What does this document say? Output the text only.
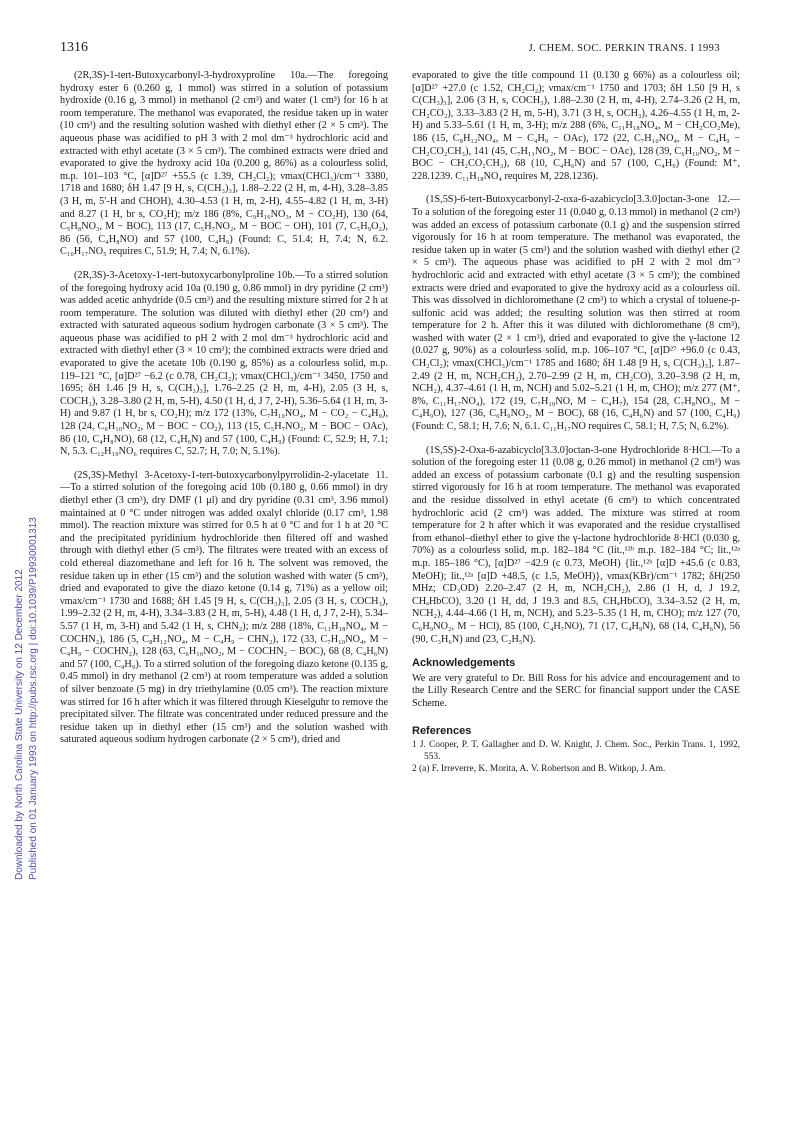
1316	J. CHEM. SOC. PERKIN TRANS. I 1993
Downloaded by North Carolina State University on 12 December 2012 Published on 01 January 1993 on http://pubs.rsc.org | doi:10.1039/P19930001313

(2R,3S)-1-tert-Butoxycarbonyl-3-hydroxyproline 10a.—The foregoing hydroxy ester 6 (0.260 g, 1 mmol) was stirred in a solution of potassium hydroxide (0.16 g, 3 mmol) in methanol (2 cm³) and water (1 cm³) for 16 h at room temperature. The methanol was evaporated, the residue taken up in water (10 cm³) and the resulting solution washed with diethyl ether (2 × 5 cm³). The aqueous phase was acidified to pH 3 with 2 mol dm⁻³ hydrochloric acid and extracted with ethyl acetate (3 × 5 cm³). The combined extracts were dried and evaporated to give the hydroxy acid 10a (0.200 g, 86%) as a colourless solid, m.p. 101–103 °C, [α]D²⁷ +55.5 (c 1.39, CH₂Cl₂); νmax(CHCl₃)/cm⁻¹ 3380, 1718 and 1680; δH 1.47 [9 H, s, C(CH₃)₃], 1.88–2.22 (2 H, m, 4-H), 3.28–3.85 (3 H, m, 5′-H and CHOH), 4.30–4.53 (1 H, m, 2-H), 4.55–4.82 (1 H, m, 3-H) and 8.27 (1 H, br s, CO₂H); m/z 186 (8%, C₉H₁₆NO₃, M − CO₂H), 130 (64, C₅H₈NO₃, M − BOC), 113 (17, C₅H₇NO₂, M − BOC − OH), 101 (7, C₅H₉O₂), 86 (56, C₄H₈NO) and 57 (100, C₄H₉) (Found: C, 51.4; H, 7.4; N, 6.2. C₁₀H₁₇NO₅ requires C, 51.9; H, 7.4; N, 6.1%).

(2R,3S)-3-Acetoxy-1-tert-butoxycarbonylproline 10b.—To a stirred solution of the foregoing hydroxy acid 10a (0.190 g, 0.86 mmol) in dry pyridine (2 cm³) was added acetic anhydride (0.5 cm³) and the resulting mixture stirred for 2 h at room temperature. The solution was diluted with diethyl ether (20 cm³) and extracted with saturated aqueous sodium hydrogen carbonate (3 × 5 cm³). The aqueous phase was acidified to pH 2 with 2 mol dm⁻³ hydrochloric acid and extracted with diethyl ether (3 × 10 cm³); the combined extracts were dried and evaporated to give the acetate 10b (0.190 g, 85%) as a colourless solid, m.p. 119–121 °C, [α]D²⁷ −6.2 (c 0.78, CH₂Cl₂); νmax(CHCl₃)/cm⁻¹ 3450, 1750 and 1695; δH 1.46 [9 H, s, C(CH₃)₃], 1.76–2.25 (2 H, m, 4-H), 2.05 (3 H, s, COCH₃), 3.28–3.80 (2 H, m, 5-H), 4.50 (1 H, d, J 7, 2-H), 5.36–5.64 (1 H, m, 3-H) and 9.87 (1 H, br s, CO₂H); m/z 172 (13%, C₇H₁₀NO₄, M − CO₂ − C₄H₉), 128 (24, C₆H₁₀NO₂, M − BOC − CO₂), 113 (15, C₅H₇NO₂, M − BOC − OAc), 86 (10, C₄H₈NO), 68 (12, C₄H₆N) and 57 (100, C₄H₉) (Found: C, 52.9; H, 7.1; N, 5.3. C₁₂H₁₉NO₆ requires C, 52.7; H, 7.0; N, 5.1%).

(2S,3S)-Methyl 3-Acetoxy-1-tert-butoxycarbonylpyrrolidin-2-ylacetate 11.—To a stirred solution of the foregoing acid 10b (0.180 g, 0.66 mmol) in dry diethyl ether (3 cm³), dry DMF (1 μl) and dry pyridine (0.31 cm³, 3.96 mmol) maintained at 0 °C under nitrogen was added oxalyl chloride (0.17 cm³, 1.98 mmol). The reaction mixture was stirred for 0.5 h at 0 °C and for 1 h at 20 °C and the precipitated pyridinium hydrochloride then filtered off and washed through with diethyl ether (5 cm³). The filtrates were treated with an excess of cold ethereal diazomethane and left for 16 h. The solvent was removed, the residue taken up in ether (15 cm³) and the solution washed with water (5 cm³), dried and evaporated to give the diazo ketone (0.14 g, 71%) as a yellow oil; νmax/cm⁻¹ 1730 and 1688; δH 1.45 [9 H, s, C(CH₃)₃], 2.05 (3 H, s, COCH₃), 1.99–2.32 (2 H, m, 4-H), 3.34–3.83 (2 H, m, 5-H), 4.48 (1 H, d, J 7, 2-H), 5.34–5.57 (1 H, m, 3-H) and 5.42 (1 H, s, CHN₂); m/z 288 (18%, C₁₁H₁₈NO₄, M − COCHN₂), 186 (5, C₈H₁₂NO₄, M − C₄H₉ − CHN₂), 172 (33, C₇H₁₀NO₄, M − C₄H₉ − COCHN₂), 128 (63, C₆H₁₀NO₂, M − COCHN₂ − BOC), 68 (8, C₄H₆N) and 57 (100, C₄H₉). To a stirred solution of the foregoing diazo ketone (0.135 g, 0.45 mmol) in dry methanol (2 cm³) at room temperature was added a solution of silver benzoate (5 mg) in dry triethylamine (0.05 cm³). The reaction mixture was stirred for 16 h after which it was filtered through Kieselguhr to remove the precipitated silver. The filtrate was concentrated under reduced pressure and the residue taken up in diethyl ether (15 cm³) and the solution washed with saturated aqueous sodium hydrogen carbonate (2 × 5 cm³), dried and

evaporated to give the title compound 11 (0.130 g 66%) as a colourless oil; [α]D²⁷ +27.0 (c 1.52, CH₂Cl₂); νmax/cm⁻¹ 1750 and 1703; δH 1.50 [9 H, s C(CH₃)₃], 2.06 (3 H, s, COCH₃), 1.88–2.30 (2 H, m, 4-H), 2.74–3.26 (2 H, m, CH₂CO₂), 3.33–3.83 (2 H, m, 5-H), 3.71 (3 H, s, OCH₃), 4.26–4.55 (1 H, m, 2-H) and 5.33–5.61 (1 H, m, 3-H); m/z 288 (6%, C₁₁H₁₈NO₄, M − CH₂CO₂Me), 186 (15, C₈H₁₂NO₄, M − C₄H₉ − OAc), 172 (22, C₇H₁₀NO₄, M − C₄H₉ − CH₂CO₂CH₃), 141 (45, C₇H₁₁NO₂, M − BOC − OAc), 128 (39, C₆H₁₀NO₂, M − BOC − CH₂CO₂CH₃), 68 (10, C₄H₆N) and 57 (100, C₄H₉) (Found: M⁺, 228.1239. C₁₁H₁₈NO₄ requires M, 228.1236).

(1S,5S)-6-tert-Butoxycarbonyl-2-oxa-6-azabicyclo[3.3.0]octan-3-one 12.—To a solution of the foregoing ester 11 (0.040 g, 0.13 mmol) in methanol (2 cm³) was added an excess of potassium carbonate (0.1 g) and the suspension stirred vigorously for 16 h at room temperature. The methanol was evaporated, the residue taken up in water (5 cm³) and the solution washed with diethyl ether (2 × 5 cm³). The aqueous phase was acidified to pH 2 with 2 mol dm⁻³ hydrochloric acid and extracted with ethyl acetate (3 × 5 cm³); the combined extracts were dried and evaporated to give the hydroxy acid as a colourless oil. This was dissolved in dichloromethane (2 cm³) to which a crystal of toluene-p-sulfonic acid was added; the resulting solution was then stirred at room temperature for 2 h. After this it was diluted with dichloromethane (8 cm³), washed with water (2 × 1 cm³), dried and evaporated to give the γ-lactone 12 (0.027 g, 90%) as a colourless solid, m.p. 106–107 °C, [α]D²⁷ +96.0 (c 0.43, CH₂Cl₂); νmax(CHCl₃)/cm⁻¹ 1785 and 1680; δH 1.48 [9 H, s, C(CH₃)₃], 1.87–2.49 (2 H, m, NCH₂CH₂), 2.70–2.99 (2 H, m, CH₂CO), 3.20–3.98 (2 H, m, NCH₂), 4.37–4.61 (1 H, m, NCH) and 5.02–5.21 (1 H, m, CHO); m/z 277 (M⁺, 8%, C₁₁H₁₇NO₄), 172 (19, C₇H₁₀NO, M − C₄H₇), 154 (28, C₇H₈NO₃, M − C₄H₉O), 127 (36, C₆H₉NO₂, M − BOC), 68 (16, C₄H₆N) and 57 (100, C₄H₉) (Found: C, 58.1; H, 7.6; N, 6.1. C₁₁H₁₇NO requires C, 58.1; H, 7.5; N, 6.2%).

(1S,5S)-2-Oxa-6-azabicyclo[3.3.0]octan-3-one Hydrochloride 8·HCl.—To a solution of the foregoing ester 11 (0.08 g, 0.26 mmol) in methanol (2 cm³) was added an excess of potassium carbonate (0.1 g) and the resulting suspension stirred vigorously for 16 h at room temperature. The methanol was evaporated and the residue dissolved in ethyl acetate (6 cm³) to which concentrated hydrochloric acid (2 cm³) was added. The mixture was stirred at room temperature for 2 h after which it was evaporated and the residue crystallised from ethanol–diethyl ether to give the γ-lactone hydrochloride 8·HCl (0.030 g, 70%) as a colourless solid, m.p. 182–184 °C (lit.,¹²ᵇ m.p. 182–184 °C; lit.,¹²ᵃ m.p. 185–186 °C), [α]D²⁷ −42.9 (c 0.73, MeOH) {lit.,¹²ᵇ [α]D +45.6 (c 0.83, MeOH); lit.,¹²ᵃ [α]D +48.5, (c 1.5, MeOH)}, νmax(KBr)/cm⁻¹ 1782; δH(250 MHz; CD₃OD) 2.20–2.47 (2 H, m, NCH₂CH₂), 2.86 (1 H, d, J 19.2, CHₐHbCO), 3.20 (1 H, dd, J 19.3 and 8.5, CHₐHbCO), 3.34–3.52 (2 H, m, NCH₂), 4.44–4.66 (1 H, m, NCH), and 5.23–5.35 (1 H, m, CHO); m/z 127 (70, C₆H₉NO₂, M − HCl), 85 (100, C₄H₇NO), 71 (17, C₄H₉N), 68 (14, C₄H₆N), 56 (90, C₃H₆N) and (23, C₂H₅N).

Acknowledgements

We are very grateful to Dr. Bill Ross for his advice and encouragement and to the Lilly Research Centre and the SERC for financial support under the CASE Scheme.

References
1 J. Cooper, P. T. Gallagher and D. W. Knight, J. Chem. Soc., Perkin Trans. 1, 1992, 553.
2 (a) F. Irreverre, K. Morita, A. V. Robertson and B. Witkop, J. Am.
